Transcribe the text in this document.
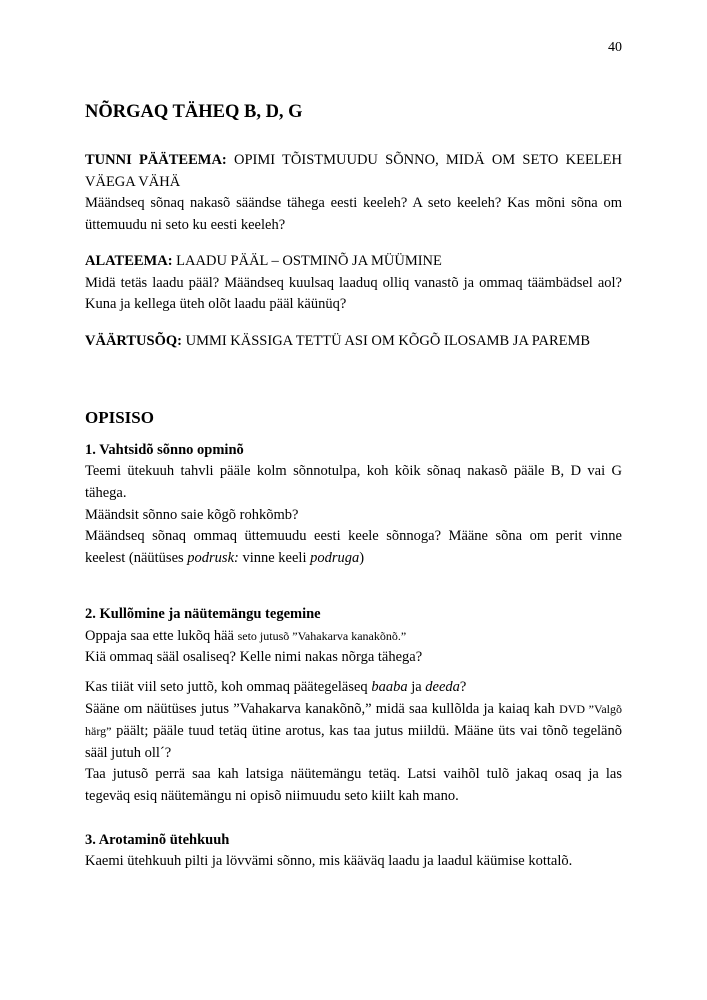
40
NÕRGAQ TÄHEQ B, D, G
TUNNI PÄÄTEEMA: OPIMI TÕISTMUUDU SÕNNO, MIDÄ OM SETO KEELEH VÄEGA VÄHÄ
Määndseq sõnaq nakasõ säändse tähega eesti keeleh? A seto keeleh? Kas mõni sõna om üttemuudu ni seto ku eesti keeleh?
ALATEEMA: LAADU PÄÄL – OSTMINÕ JA MÜÜMINE
Midä tetäs laadu pääl? Määndseq kuulsaq laaduq olliq vanastõ ja ommaq täämbädsel aol? Kuna ja kellega üteh olõt laadu pääl käünüq?
VÄÄRTUSÕQ: UMMI KÄSSIGA TETTÜ ASI OM KÕGÕ ILOSAMB JA PAREMB
OPISISO
1. Vahtsidõ sõnno opminõ
Teemi ütekuuh tahvli pääle kolm sõnnotulpa, koh kõik sõnaq nakasõ pääle B, D vai G tähega.
Määndsit sõnno saie kõgõ rohkõmb?
Määndseq sõnaq ommaq üttemuudu eesti keele sõnnoga? Määne sõna om perit vinne keelest (näütüses podrusk: vinne keeli podruga)
2. Kullõmine ja näütemängu tegemine
Oppaja saa ette lukõq hää seto jutusõ ”Vahakarva kanakõnõ.”
Kiä ommaq sääl osaliseq? Kelle nimi nakas nõrga tähega?
Kas tiiät viil seto juttõ, koh ommaq päätegeläseq baaba ja deeda?
Sääne om näütüses jutus ”Vahakarva kanakõnõ,” midä saa kullõlda ja kaiaq kah DVD ”Valgõ härg” päält; pääle tuud tetäq ütine arotus, kas taa jutus miildü. Määne üts vai tõnõ tegelänõ sääl jutuh oll´?
Taa jutusõ perrä saa kah latsiga näütemängu tetäq. Latsi vaihõl tulõ jakaq osaq ja las tegeväq esiq näütemängu ni opisõ niimuudu seto kiilt kah mano.
3. Arotaminõ ütehkuuh
Kaemi ütehkuuh pilti ja lövvämi sõnno, mis kääväq laadu ja laadul käümise kottalõ.
